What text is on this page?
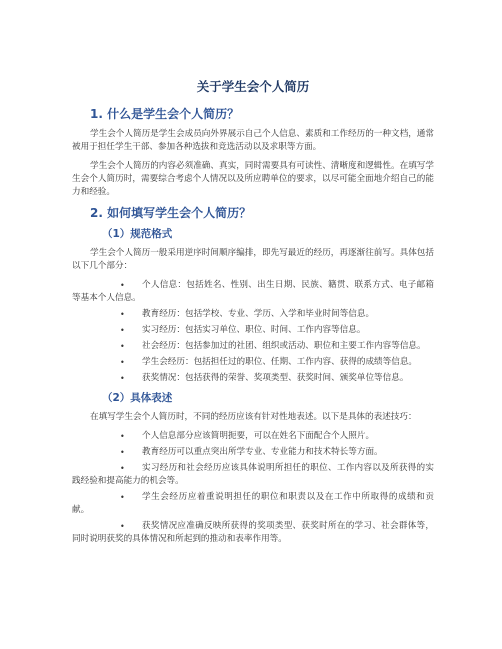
关于学生会个人简历
1. 什么是学生会个人简历？

学生会个人简历是学生会成员向外界展示自己个人信息、素质和工作经历的一种文档，通常被用于担任学生干部、参加各种选拔和竞选活动以及求职等方面。

学生会个人简历的内容必须准确、真实，同时需要具有可读性、清晰度和逻辑性。在填写学生会个人简历时，需要综合考虑个人情况以及所应聘单位的要求，以尽可能全面地介绍自己的能力和经验。

2. 如何填写学生会个人简历？
（1）规范格式

学生会个人简历一般采用逆序时间顺序编排，即先写最近的经历，再逐渐往前写。具体包括以下几个部分：

• 个人信息：包括姓名、性别、出生日期、民族、籍贯、联系方式、电子邮箱等基本个人信息。
• 教育经历：包括学校、专业、学历、入学和毕业时间等信息。
• 实习经历：包括实习单位、职位、时间、工作内容等信息。
• 社会经历：包括参加过的社团、组织或活动、职位和主要工作内容等信息。
• 学生会经历：包括担任过的职位、任期、工作内容、获得的成绩等信息。
• 获奖情况：包括获得的荣誉、奖项类型、获奖时间、颁奖单位等信息。
（2）具体表述

在填写学生会个人简历时，不同的经历应该有针对性地表述。以下是具体的表述技巧：

• 个人信息部分应该简明扼要，可以在姓名下面配合个人照片。
• 教育经历可以重点突出所学专业、专业能力和技术特长等方面。
• 实习经历和社会经历应该具体说明所担任的职位、工作内容以及所获得的实践经验和提高能力的机会等。
• 学生会经历应着重说明担任的职位和职责以及在工作中所取得的成绩和贡献。
• 获奖情况应准确反映所获得的奖项类型、获奖时所在的学习、社会群体等，同时说明获奖的具体情况和所起到的推动和表率作用等。
